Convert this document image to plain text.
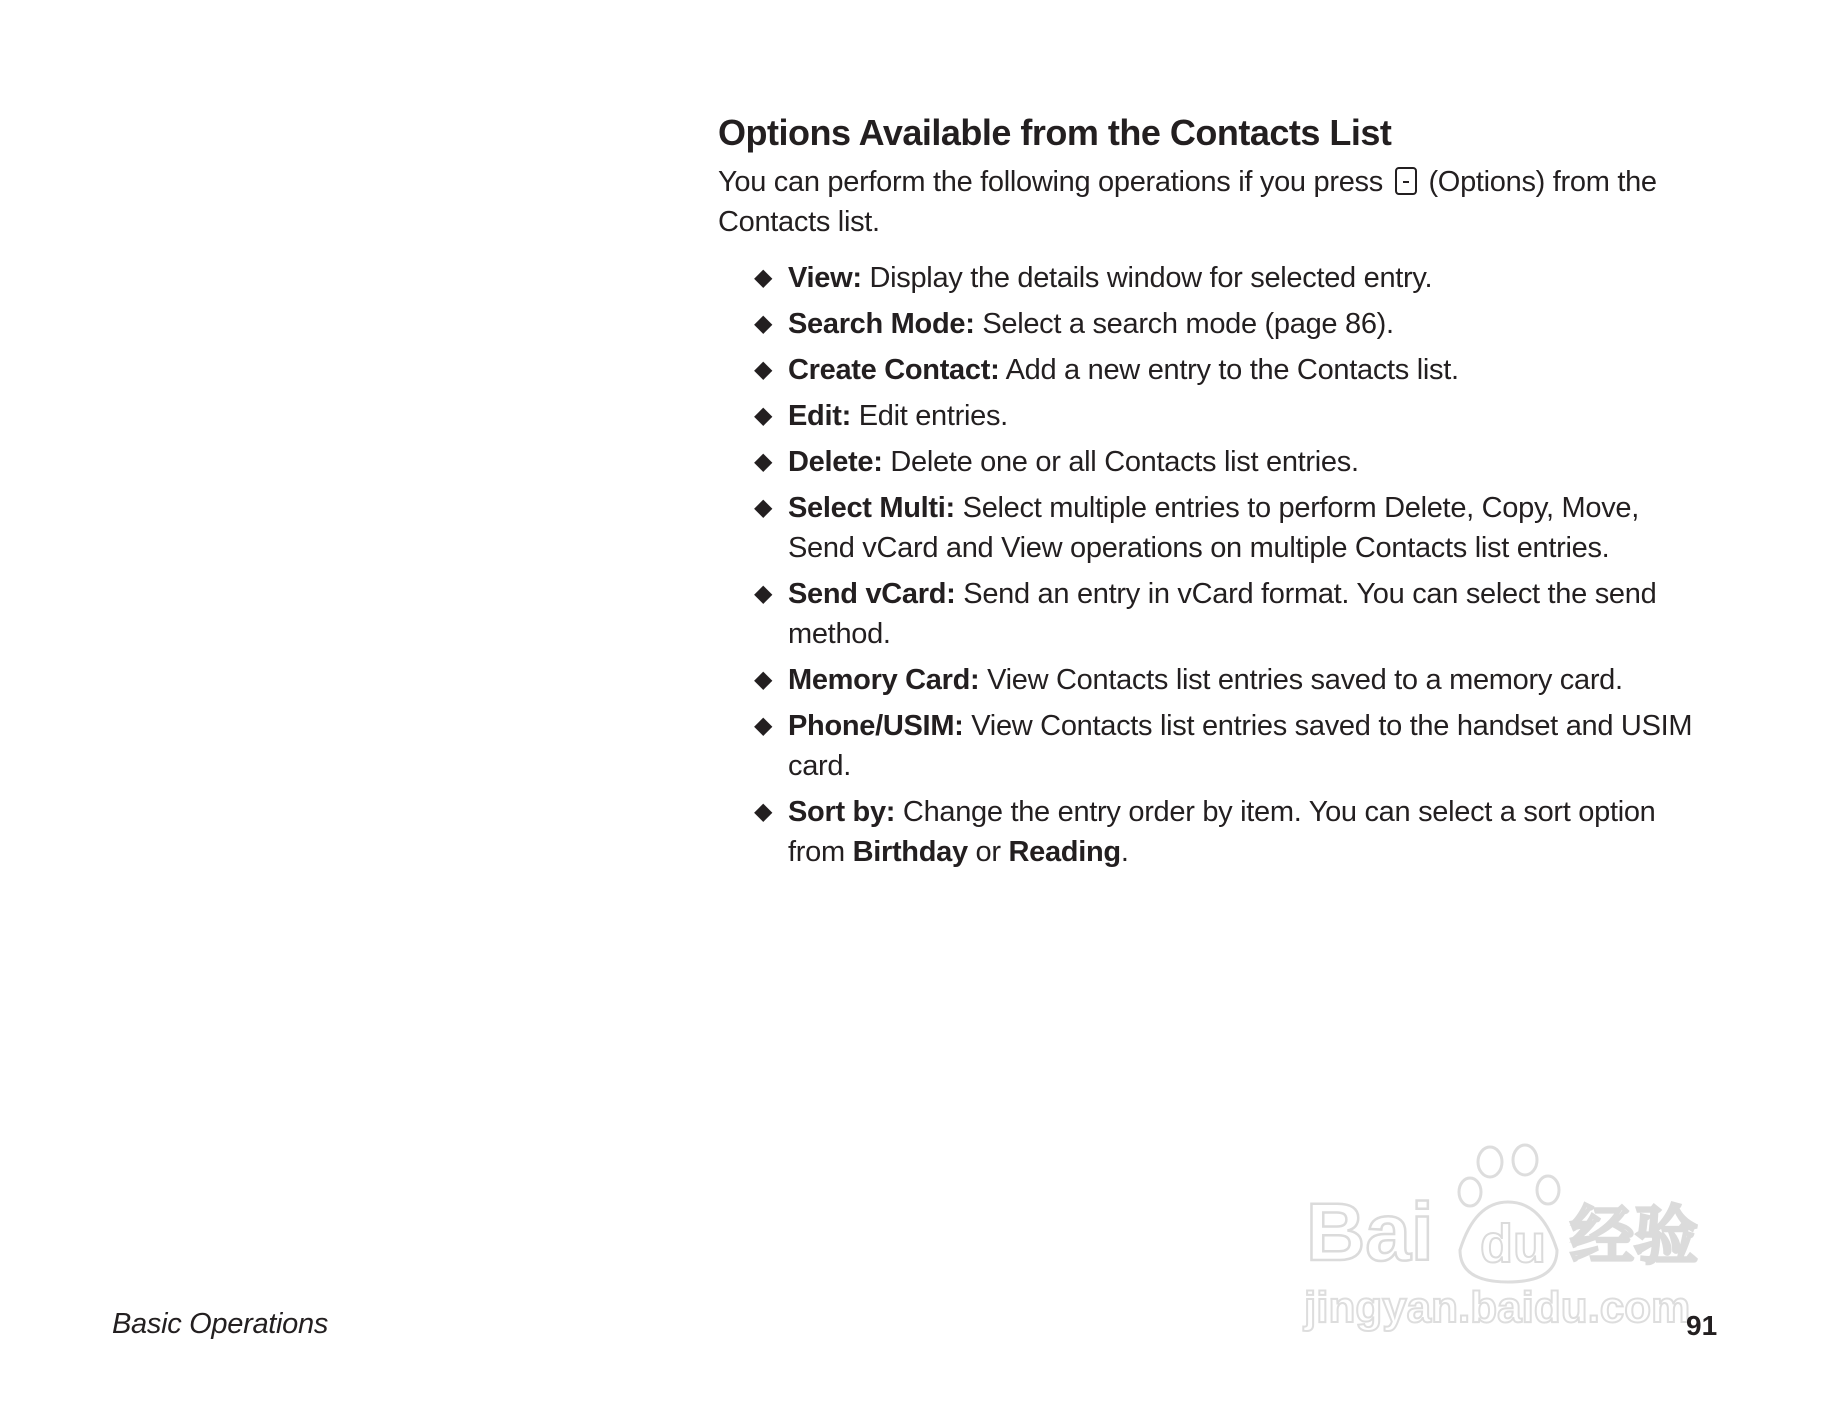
Options Available from the Contacts List

You can perform the following operations if you press (Options) from the Contacts list.

◆ View: Display the details window for selected entry.
◆ Search Mode: Select a search mode (page 86).
◆ Create Contact: Add a new entry to the Contacts list.
◆ Edit: Edit entries.
◆ Delete: Delete one or all Contacts list entries.
◆ Select Multi: Select multiple entries to perform Delete, Copy, Move, Send vCard and View operations on multiple Contacts list entries.
◆ Send vCard: Send an entry in vCard format. You can select the send method.
◆ Memory Card: View Contacts list entries saved to a memory card.
◆ Phone/USIM: View Contacts list entries saved to the handset and USIM card.
◆ Sort by: Change the entry order by item. You can select a sort option from Birthday or Reading.
Basic Operations
Bai du 经验
jingyan.baidu.com
91
